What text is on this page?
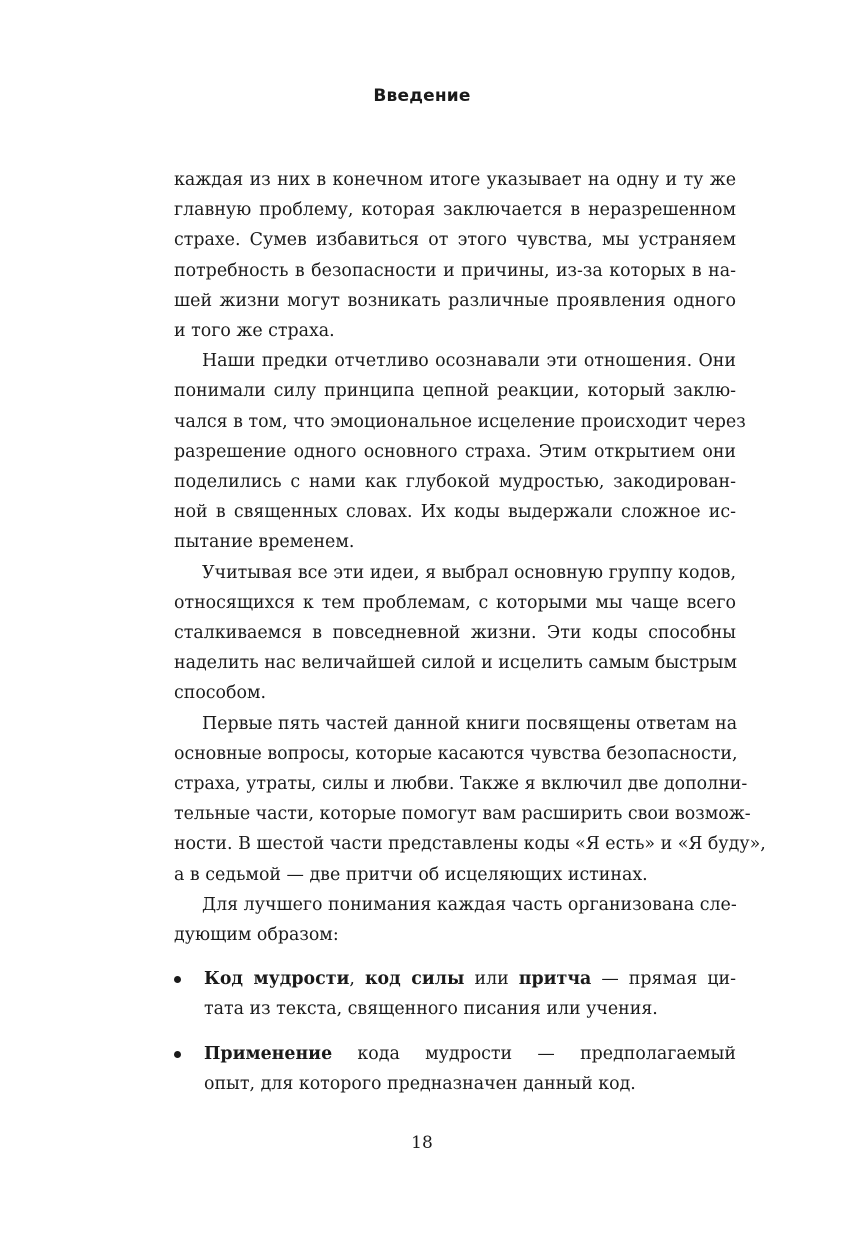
Введение

каждая из них в конечном итоге указывает на одну и ту же
главную проблему, которая заключается в неразрешенном
страхе. Сумев избавиться от этого чувства, мы устраняем
потребность в безопасности и причины, из-за которых в на-
шей жизни могут возникать различные проявления одного
и того же страха.

Наши предки отчетливо осознавали эти отношения. Они
понимали силу принципа цепной реакции, который заклю-
чался в том, что эмоциональное исцеление происходит через
разрешение одного основного страха. Этим открытием они
поделились с нами как глубокой мудростью, закодирован-
ной в священных словах. Их коды выдержали сложное ис-
пытание временем.

Учитывая все эти идеи, я выбрал основную группу кодов,
относящихся к тем проблемам, с которыми мы чаще всего
сталкиваемся в повседневной жизни. Эти коды способны
наделить нас величайшей силой и исцелить самым быстрым
способом.

Первые пять частей данной книги посвящены ответам на
основные вопросы, которые касаются чувства безопасности,
страха, утраты, силы и любви. Также я включил две дополни-
тельные части, которые помогут вам расширить свои возмож-
ности. В шестой части представлены коды «Я есть» и «Я буду»,
а в седьмой — две притчи об исцеляющих истинах.

Для лучшего понимания каждая часть организована сле-
дующим образом:

Код мудрости, код силы или притча — прямая ци-
тата из текста, священного писания или учения.
Применение кода мудрости — предполагаемый
опыт, для которого предназначен данный код.
18
